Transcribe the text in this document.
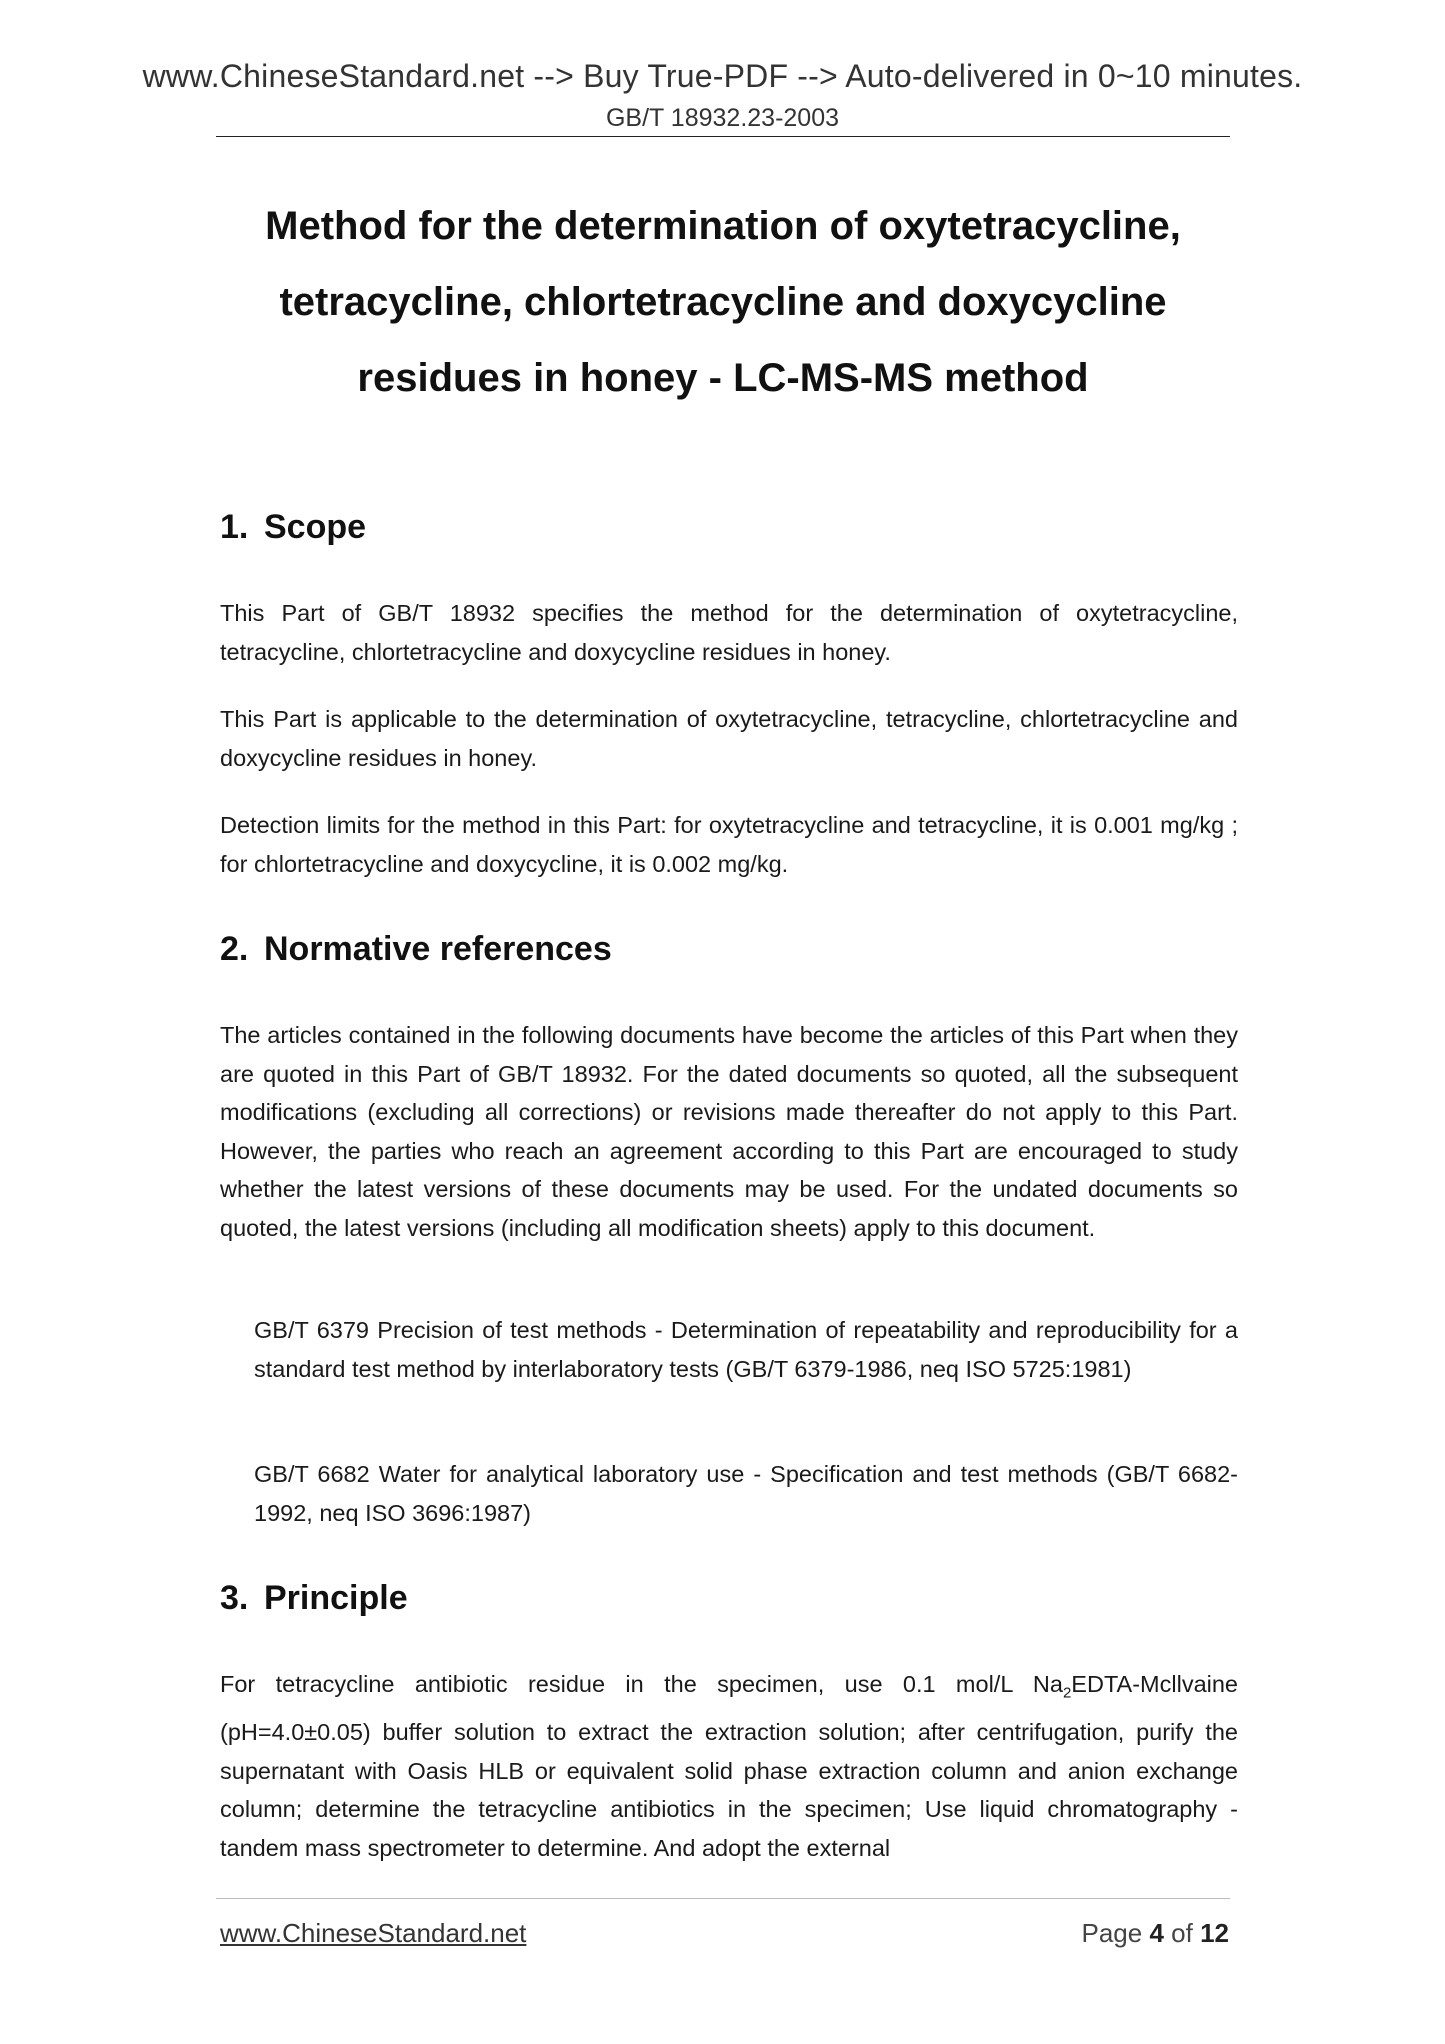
www.ChineseStandard.net --> Buy True-PDF --> Auto-delivered in 0~10 minutes.
GB/T 18932.23-2003
Method for the determination of oxytetracycline,
tetracycline, chlortetracycline and doxycycline
residues in honey - LC-MS-MS method
1. Scope

This Part of GB/T 18932 specifies the method for the determination of oxytetracycline, tetracycline, chlortetracycline and doxycycline residues in honey.

This Part is applicable to the determination of oxytetracycline, tetracycline, chlortetracycline and doxycycline residues in honey.

Detection limits for the method in this Part: for oxytetracycline and tetracycline, it is 0.001 mg/kg ; for chlortetracycline and doxycycline, it is 0.002 mg/kg.

2. Normative references

The articles contained in the following documents have become the articles of this Part when they are quoted in this Part of GB/T 18932. For the dated documents so quoted, all the subsequent modifications (excluding all corrections) or revisions made thereafter do not apply to this Part. However, the parties who reach an agreement according to this Part are encouraged to study whether the latest versions of these documents may be used. For the undated documents so quoted, the latest versions (including all modification sheets) apply to this document.

GB/T 6379 Precision of test methods - Determination of repeatability and reproducibility for a standard test method by interlaboratory tests (GB/T 6379-1986, neq ISO 5725:1981)

GB/T 6682 Water for analytical laboratory use - Specification and test methods (GB/T 6682-1992, neq ISO 3696:1987)

3. Principle

For tetracycline antibiotic residue in the specimen, use 0.1 mol/L $Na_2EDTA$-Mcllvaine (pH=4.0±0.05) buffer solution to extract the extraction solution; after centrifugation, purify the supernatant with Oasis HLB or equivalent solid phase extraction column and anion exchange column; determine the tetracycline antibiotics in the specimen; Use liquid chromatography - tandem mass spectrometer to determine. And adopt the external

www.ChineseStandard.net	Page 4 of 12
